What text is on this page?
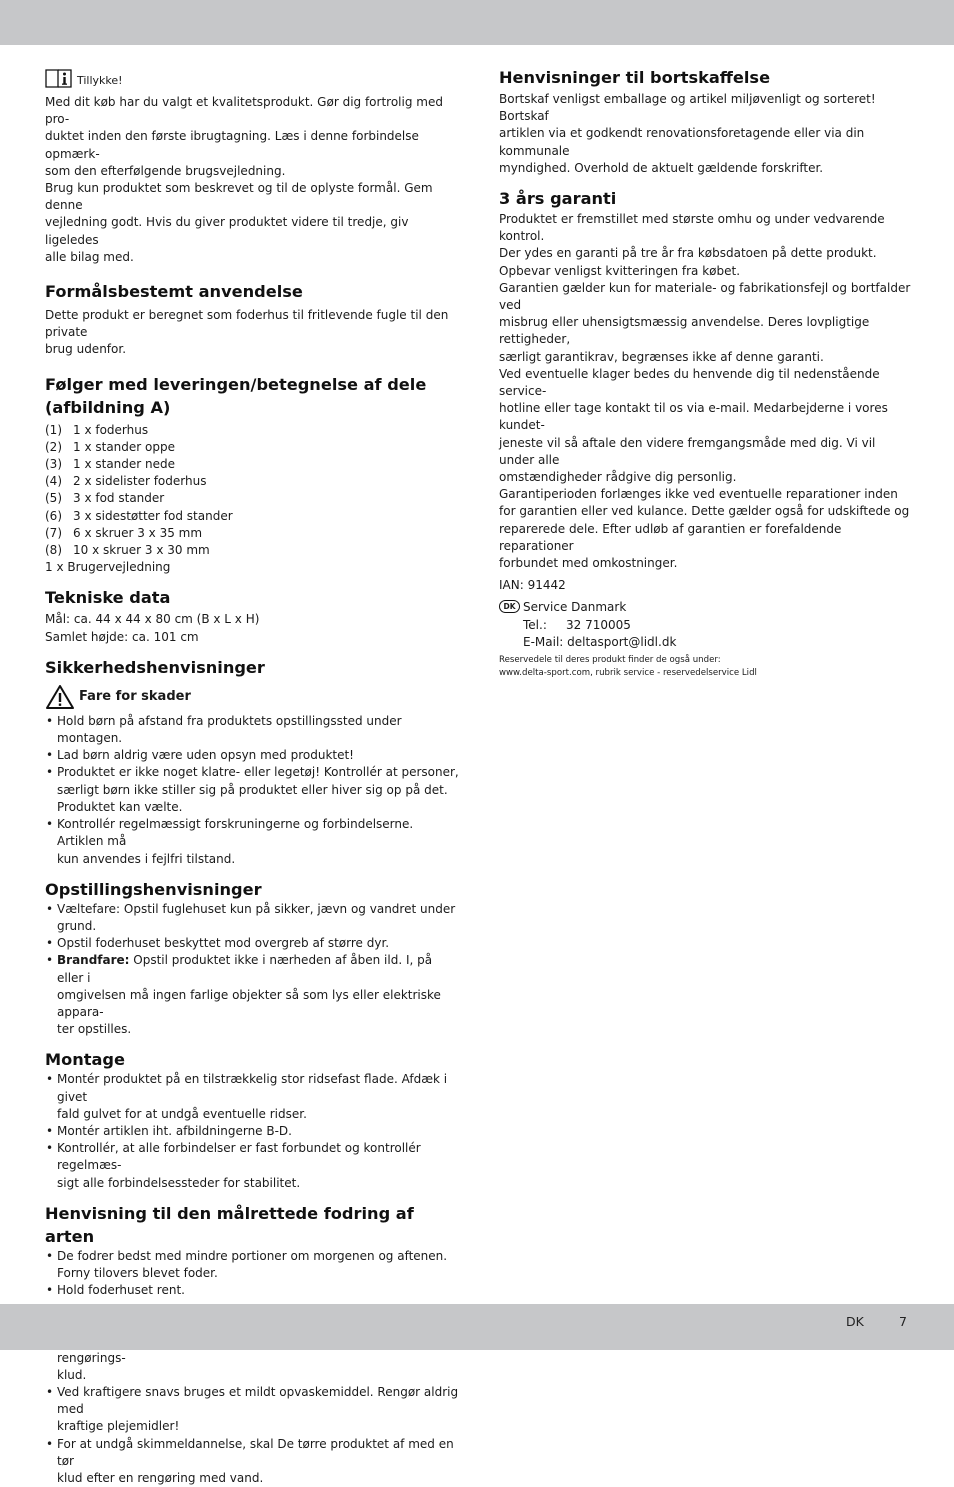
Tillykke!

Med dit køb har du valgt et kvalitetsprodukt. Gør dig fortrolig med pro-

duktet inden den første ibrugtagning. Læs i denne forbindelse opmærk-

som den efterfølgende brugsvejledning.

Brug kun produktet som beskrevet og til de oplyste formål. Gem denne

vejledning godt. Hvis du giver produktet videre til tredje, giv ligeledes

alle bilag med.

Formålsbestemt anvendelse

Dette produkt er beregnet som foderhus til fritlevende fugle til den private

brug udenfor.

Følger med leveringen/betegnelse af dele
(afbildning A)
(1) 1 x foderhus
(2) 1 x stander oppe
(3) 1 x stander nede
(4) 2 x sidelister foderhus
(5) 3 x fod stander
(6) 3 x sidestøtter fod stander
(7) 6 x skruer 3 x 35 mm
(8) 10 x skruer 3 x 30 mm

1 x Brugervejledning

Tekniske data

Mål: ca. 44 x 44 x 80 cm (B x L x H)

Samlet højde: ca. 101 cm

Sikkerhedshenvisninger
Fare for skader
• Hold børn på afstand fra produktets opstillingssted under montagen.
• Lad børn aldrig være uden opsyn med produktet!
• Produktet er ikke noget klatre- eller legetøj! Kontrollér at personer,
særligt børn ikke stiller sig på produktet eller hiver sig op på det.
Produktet kan vælte.
• Kontrollér regelmæssigt forskruningerne og forbindelserne. Artiklen må
kun anvendes i fejlfri tilstand.
Opstillingshenvisninger
• Væltefare: Opstil fuglehuset kun på sikker, jævn og vandret under
grund.
• Opstil foderhuset beskyttet mod overgreb af større dyr.
• Brandfare: Opstil produktet ikke i nærheden af åben ild. I, på eller i
omgivelsen må ingen farlige objekter så som lys eller elektriske appara-
ter opstilles.
Montage
• Montér produktet på en tilstrækkelig stor ridsefast flade. Afdæk i givet
fald gulvet for at undgå eventuelle ridser.
• Montér artiklen iht. afbildningerne B-D.
• Kontrollér, at alle forbindelser er fast forbundet og kontrollér regelmæs-
sigt alle forbindelsessteder for stabilitet.
Henvisning til den målrettede fodring af
arten
• De fodrer bedst med mindre portioner om morgenen og aftenen.
Forny tilovers blevet foder.
• Hold foderhuset rent.
• rengørings-
klud.
• Ved kraftigere snavs bruges et mildt opvaskemiddel. Rengør aldrig med
kraftige plejemidler!
• For at undgå skimmeldannelse, skal De tørre produktet af med en tør
klud efter en rengøring med vand.
Henvisninger til bortskaffelse

Bortskaf venligst emballage og artikel miljøvenligt og sorteret! Bortskaf

artiklen via et godkendt renovationsforetagende eller via din kommunale

myndighed. Overhold de aktuelt gældende forskrifter.

3 års garanti

Produktet er fremstillet med største omhu og under vedvarende kontrol.

Der ydes en garanti på tre år fra købsdatoen på dette produkt.

Opbevar venligst kvitteringen fra købet.

Garantien gælder kun for materiale- og fabrikationsfejl og bortfalder ved

misbrug eller uhensigtsmæssig anvendelse. Deres lovpligtige rettigheder,

særligt garantikrav, begrænses ikke af denne garanti.

Ved eventuelle klager bedes du henvende dig til nedenstående service-

hotline eller tage kontakt til os via e-mail. Medarbejderne i vores kundet-

jeneste vil så aftale den videre fremgangsmåde med dig. Vi vil under alle

omstændigheder rådgive dig personlig.

Garantiperioden forlænges ikke ved eventuelle reparationer inden

for garantien eller ved kulance. Dette gælder også for udskiftede og

reparerede dele. Efter udløb af garantien er forefaldende reparationer

forbundet med omkostninger.

IAN: 91442

DK Service Danmark

Tel.: 32 710005

E-Mail: deltasport@lidl.dk

Reservedele til deres produkt finder de også under:

www.delta-sport.com, rubrik service - reservedelservice Lidl

DK	7
